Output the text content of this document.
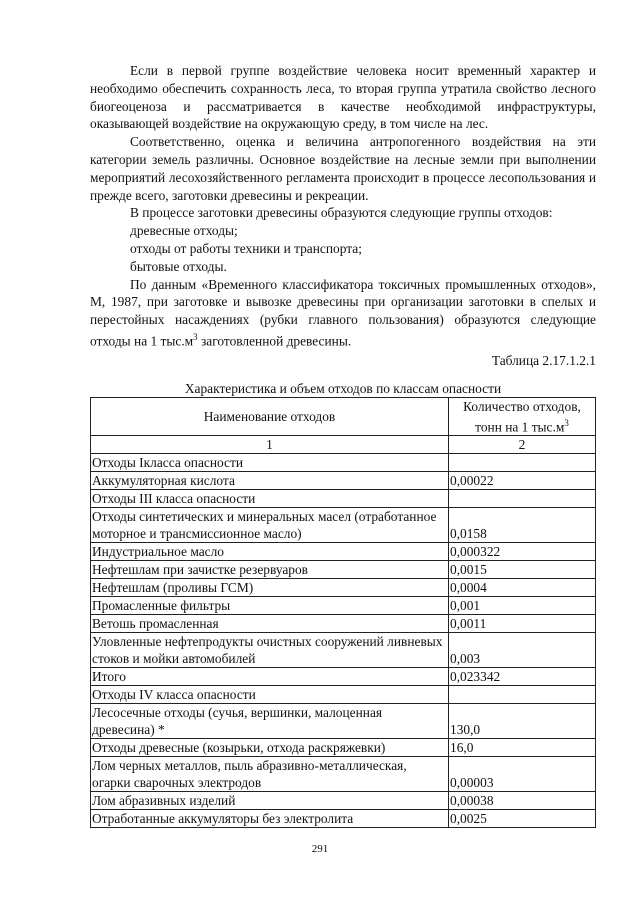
Если в первой группе воздействие человека носит временный характер и необходимо обеспечить сохранность леса, то вторая группа утратила свойство лесного биогеоценоза и рассматривается в качестве необходимой инфраструктуры, оказывающей воздействие на окружающую среду, в том числе на лес.

Соответственно, оценка и величина антропогенного воздействия на эти категории земель различны. Основное воздействие на лесные земли при выполнении мероприятий лесохозяйственного регламента происходит в процессе лесопользования и прежде всего, заготовки древесины и рекреации.

В процессе заготовки древесины образуются следующие группы отходов:

древесные отходы;
отходы от работы техники и транспорта;
бытовые отходы.

По данным «Временного классификатора токсичных промышленных отходов», М, 1987, при заготовке и вывозке древесины при организации заготовки в спелых и перестойных насаждениях (рубки главного пользования) образуются следующие отходы на 1 $тыс.м^3$ заготовленной древесины.

Таблица 2.17.1.2.1
Характеристика и объем отходов по классам опасности
Наименование отходов	Количество отходов,
тонн на 1 $тыс.м^3$

1	2
Отходы Iкласса опасности	
Аккумуляторная кислота	0,00022
Отходы III класса опасности	
Отходы синтетических и минеральных масел (отработанное моторное и трансмиссионное масло)	0,0158
Индустриальное масло	0,000322
Нефтешлам при зачистке резервуаров	0,0015
Нефтешлам (проливы ГСМ)	0,0004
Промасленные фильтры	0,001
Ветошь промасленная	0,0011
Уловленные нефтепродукты очистных сооружений ливневых стоков и мойки автомобилей	0,003
Итого	0,023342
Отходы IV класса опасности	
Лесосечные отходы (сучья, вершинки, малоценная древесина) *	130,0
Отходы древесные (козырьки, отхода раскряжевки)	16,0
Лом черных металлов, пыль абразивно-металлическая, огарки сварочных электродов	0,00003
Лом абразивных изделий	0,00038
Отработанные аккумуляторы без электролита	0,0025
291
